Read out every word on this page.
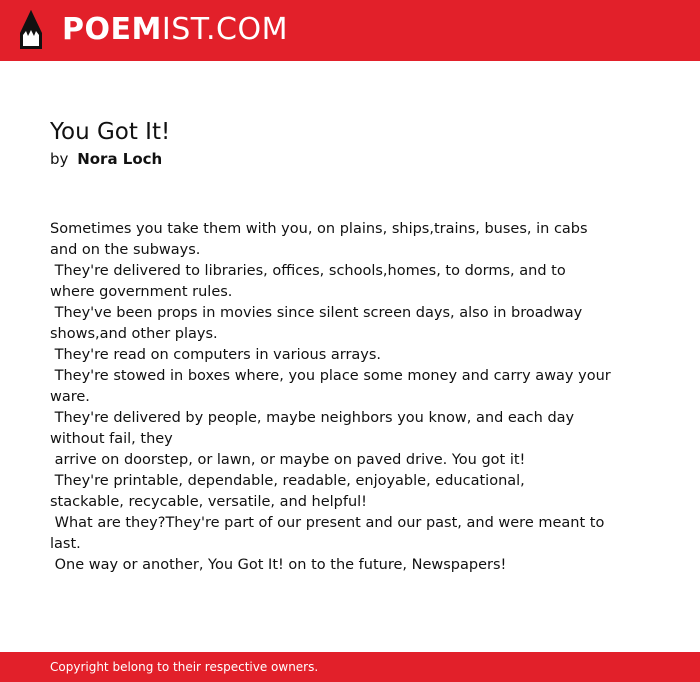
POEMIST.COM
You Got It!
by Nora Loch
Sometimes you take them with you, on plains, ships,trains, buses, in cabs
and on the subways.
They're delivered to libraries, offices, schools,homes, to dorms, and to
where government rules.
They've been props in movies since silent screen days, also in broadway
shows,and other plays.
They're read on computers in various arrays.
They're stowed in boxes where, you place some money and carry away your
ware.
They're delivered by people, maybe neighbors you know, and each day
without fail, they
arrive on doorstep, or lawn, or maybe on paved drive. You got it!
They're printable, dependable, readable, enjoyable, educational,
stackable, recycable, versatile, and helpful!
What are they?They're part of our present and our past, and were meant to
last.
One way or another, You Got It! on to the future, Newspapers!
Copyright belong to their respective owners.
